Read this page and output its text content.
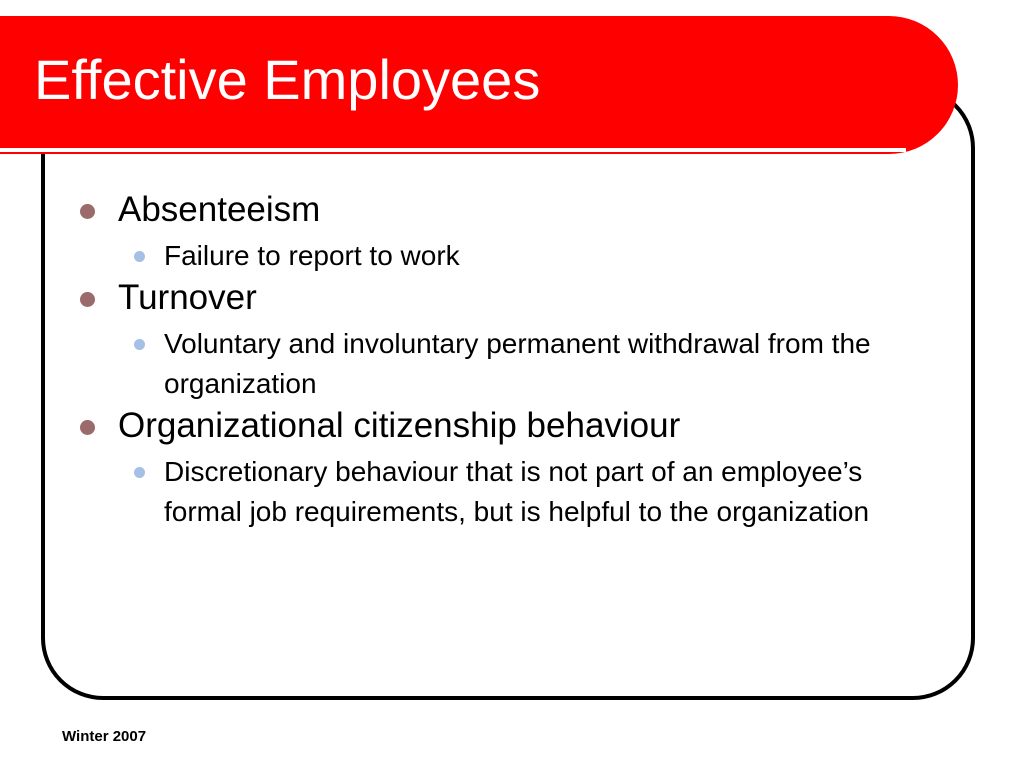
Effective Employees
Absenteeism
Failure to report to work
Turnover
Voluntary and involuntary permanent withdrawal from the organization
Organizational citizenship behaviour
Discretionary behaviour that is not part of an employee’s formal job requirements, but is helpful to the organization
Winter 2007
